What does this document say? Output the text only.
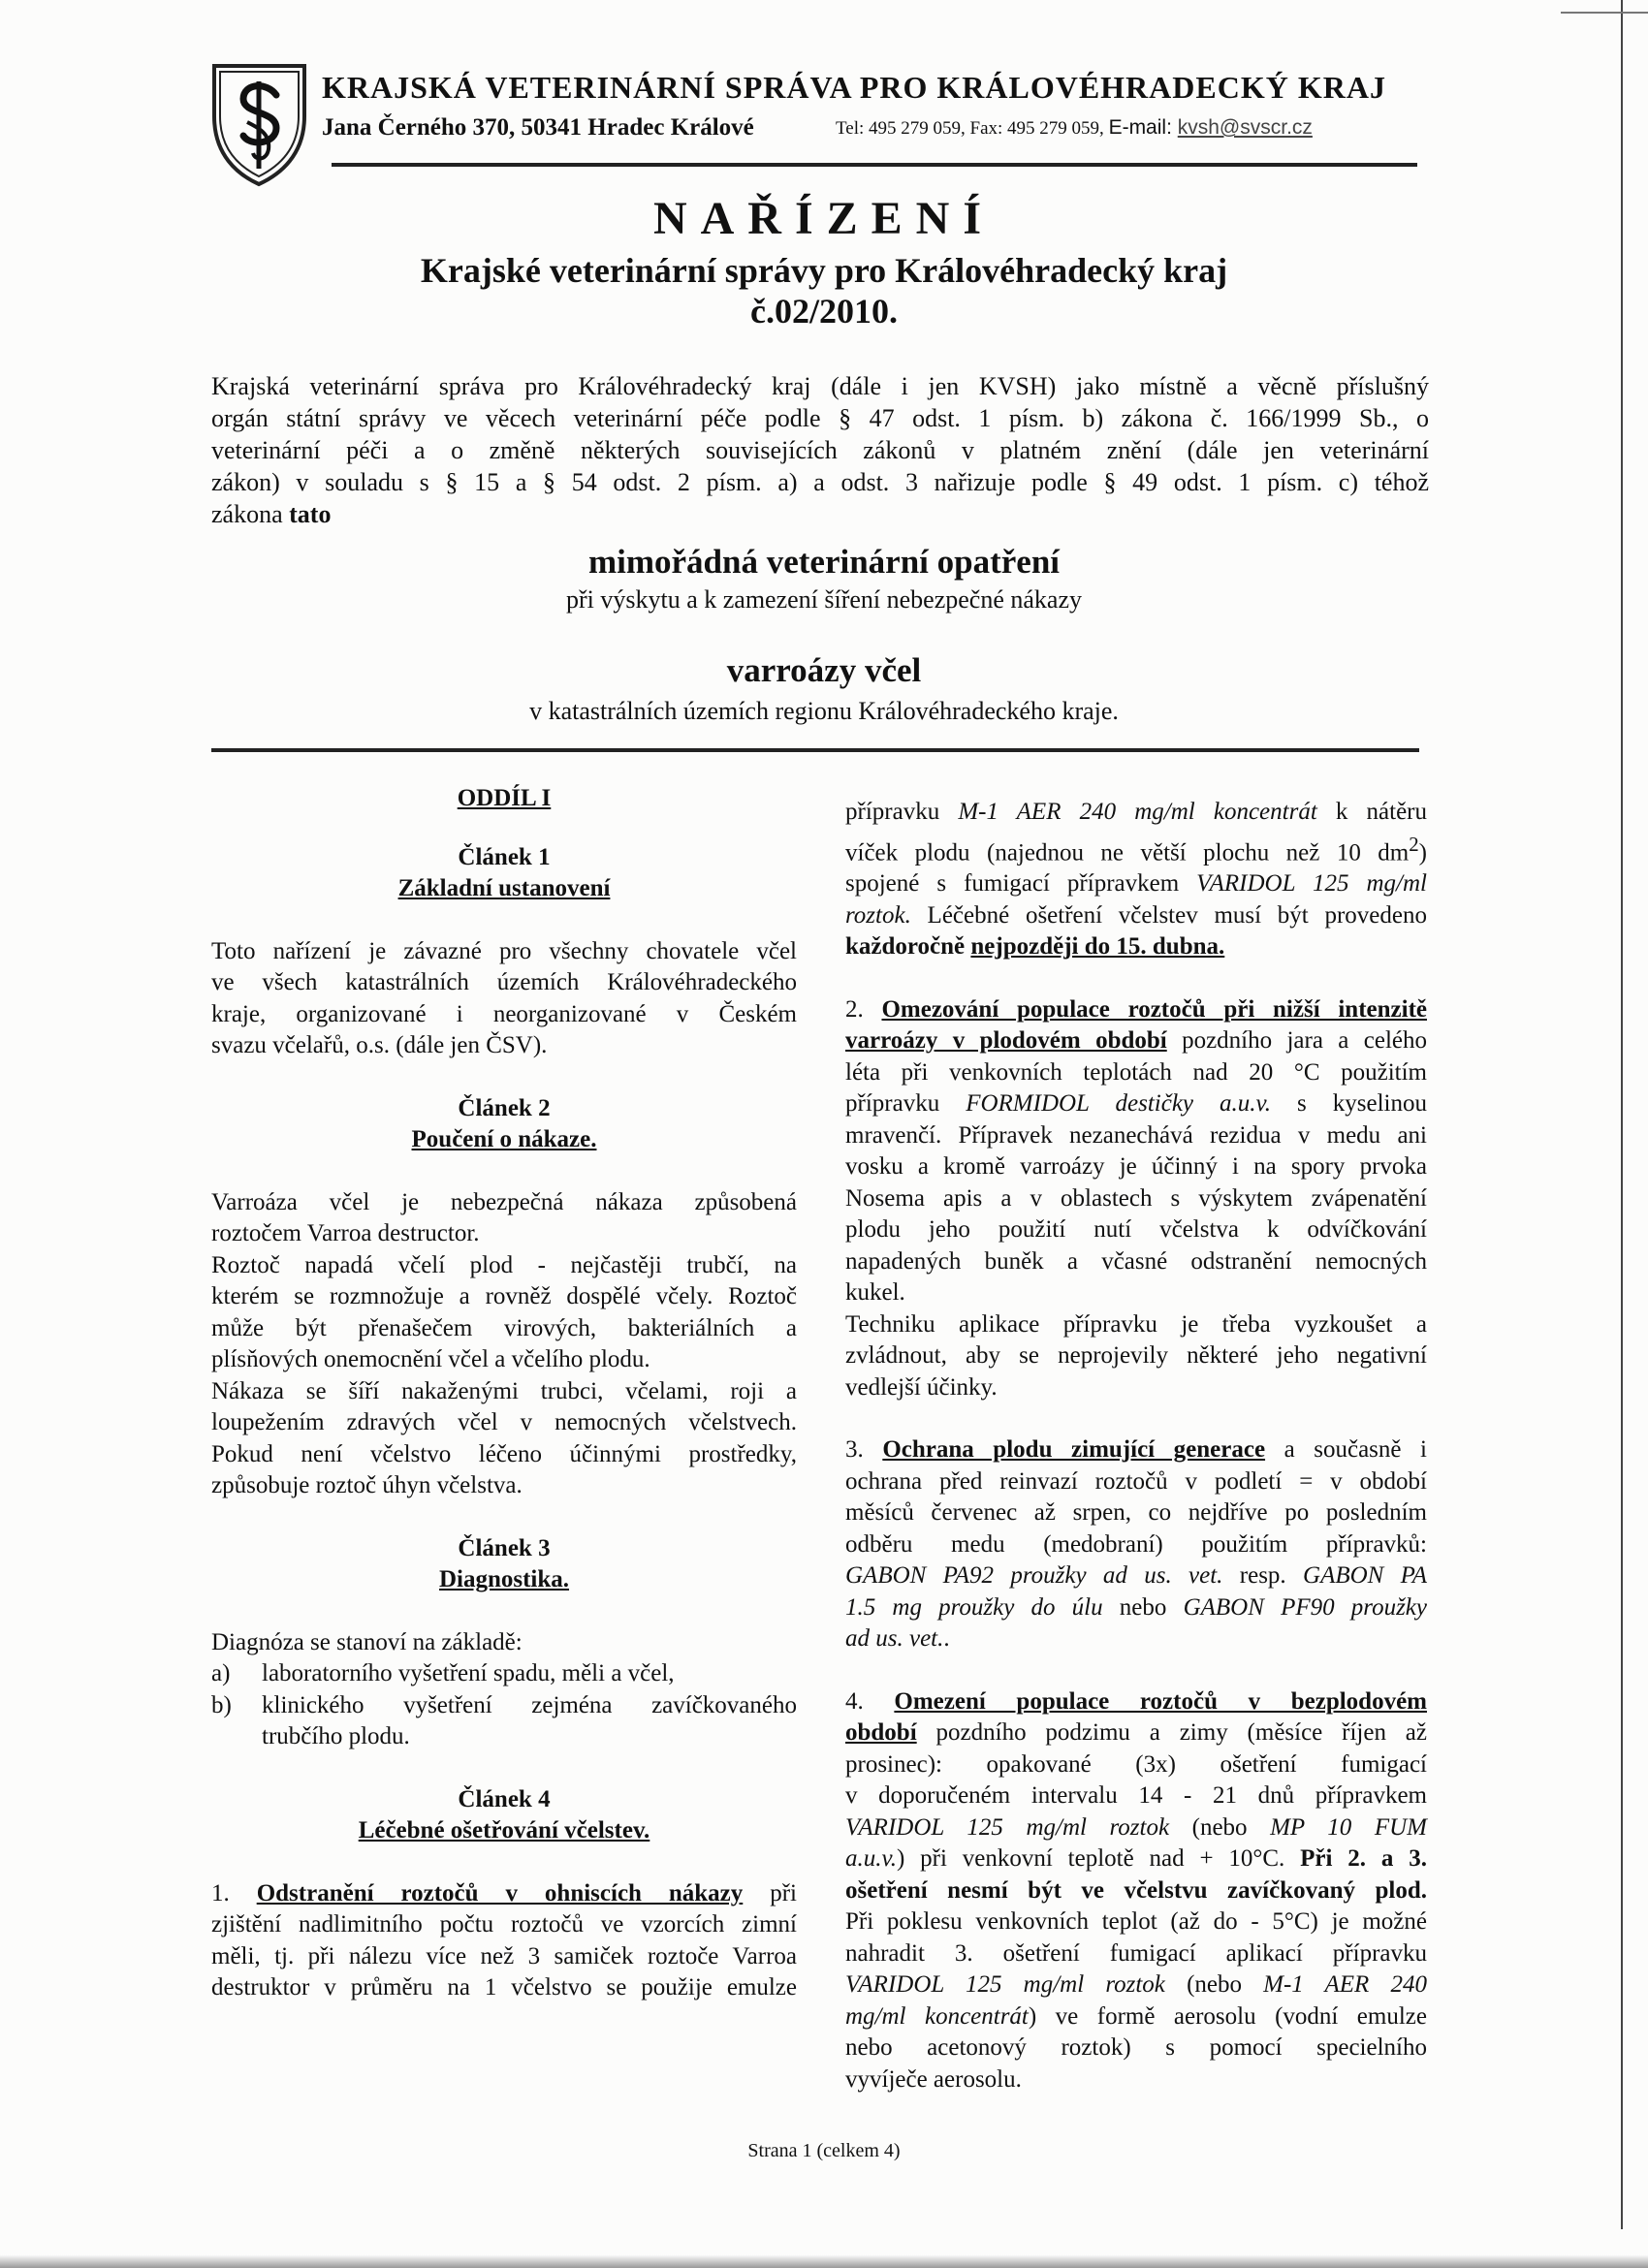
KRAJSKÁ VETERINÁRNÍ SPRÁVA PRO KRÁLOVÉHRADECKÝ KRAJ
Jana Černého 370, 50341 Hradec Králové	Tel: 495 279 059, Fax: 495 279 059, E-mail: kvsh@svscr.cz
NAŘÍZENÍ
Krajské veterinární správy pro Královéhradecký kraj
č.02/2010.
Krajská veterinární správa pro Královéhradecký kraj (dále i jen KVSH) jako místně a věcně příslušný
orgán státní správy ve věcech veterinární péče podle § 47 odst. 1 písm. b) zákona č. 166/1999 Sb., o
veterinární péči a o změně některých souvisejících zákonů v platném znění (dále jen veterinární
zákon) v souladu s § 15 a § 54 odst. 2 písm. a) a odst. 3 nařizuje podle § 49 odst. 1 písm. c) téhož
zákona tato
mimořádná veterinární opatření
při výskytu a k zamezení šíření nebezpečné nákazy
varroázy včel
v katastrálních územích regionu Královéhradeckého kraje.
ODDÍL I
Článek 1
Základní ustanovení
Toto nařízení je závazné pro všechny chovatele včel
ve všech katastrálních územích Královéhradeckého
kraje, organizované i neorganizované v Českém
svazu včelařů, o.s. (dále jen ČSV).
Článek 2
Poučení o nákaze.
Varroáza včel je nebezpečná nákaza způsobená
roztočem Varroa destructor.
Roztoč napadá včelí plod - nejčastěji trubčí, na
kterém se rozmnožuje a rovněž dospělé včely. Roztoč
může být přenašečem virových, bakteriálních a
plísňových onemocnění včel a včelího plodu.
Nákaza se šíří nakaženými trubci, včelami, roji a
loupežením zdravých včel v nemocných včelstvech.
Pokud není včelstvo léčeno účinnými prostředky,
způsobuje roztoč úhyn včelstva.
Článek 3
Diagnostika.
Diagnóza se stanoví na základě:
a)	laboratorního vyšetření spadu, měli a včel,
b)	klinického vyšetření zejména zavíčkovaného
trubčího plodu.
Článek 4
Léčebné ošetřování včelstev.
1. Odstranění roztočů v ohniscích nákazy při
zjištění nadlimitního počtu roztočů ve vzorcích zimní
měli, tj. při nálezu více než 3 samiček roztoče Varroa
destruktor v průměru na 1 včelstvo se použije emulze
přípravku M-1 AER 240 mg/ml koncentrát k nátěru
víček plodu (najednou ne větší plochu než 10 $dm^2$)
spojené s fumigací přípravkem VARIDOL 125 mg/ml
roztok. Léčebné ošetření včelstev musí být provedeno
každoročně nejpozději do 15. dubna.
2. Omezování populace roztočů při nižší intenzitě
varroázy v plodovém období pozdního jara a celého
léta při venkovních teplotách nad 20 °C použitím
přípravku FORMIDOL destičky a.u.v. s kyselinou
mravenčí. Přípravek nezanechává rezidua v medu ani
vosku a kromě varroázy je účinný i na spory prvoka
Nosema apis a v oblastech s výskytem zvápenatění
plodu jeho použití nutí včelstva k odvíčkování
napadených buněk a včasné odstranění nemocných
kukel.
Techniku aplikace přípravku je třeba vyzkoušet a
zvládnout, aby se neprojevily některé jeho negativní
vedlejší účinky.
3. Ochrana plodu zimující generace a současně i
ochrana před reinvazí roztočů v podletí = v období
měsíců červenec až srpen, co nejdříve po posledním
odběru medu (medobraní) použitím přípravků:
GABON PA92 proužky ad us. vet. resp. GABON PA
1.5 mg proužky do úlu nebo GABON PF90 proužky
ad us. vet..
4. Omezení populace roztočů v bezplodovém
období pozdního podzimu a zimy (měsíce říjen až
prosinec): opakované (3x) ošetření fumigací
v doporučeném intervalu 14 - 21 dnů přípravkem
VARIDOL 125 mg/ml roztok (nebo MP 10 FUM
a.u.v.) při venkovní teplotě nad + 10°C. Při 2. a 3.
ošetření nesmí být ve včelstvu zavíčkovaný plod.
Při poklesu venkovních teplot (až do - 5°C) je možné
nahradit 3. ošetření fumigací aplikací přípravku
VARIDOL 125 mg/ml roztok (nebo M-1 AER 240
mg/ml koncentrát) ve formě aerosolu (vodní emulze
nebo acetonový roztok) s pomocí specielního
vyvíječe aerosolu.
Strana 1 (celkem 4)
